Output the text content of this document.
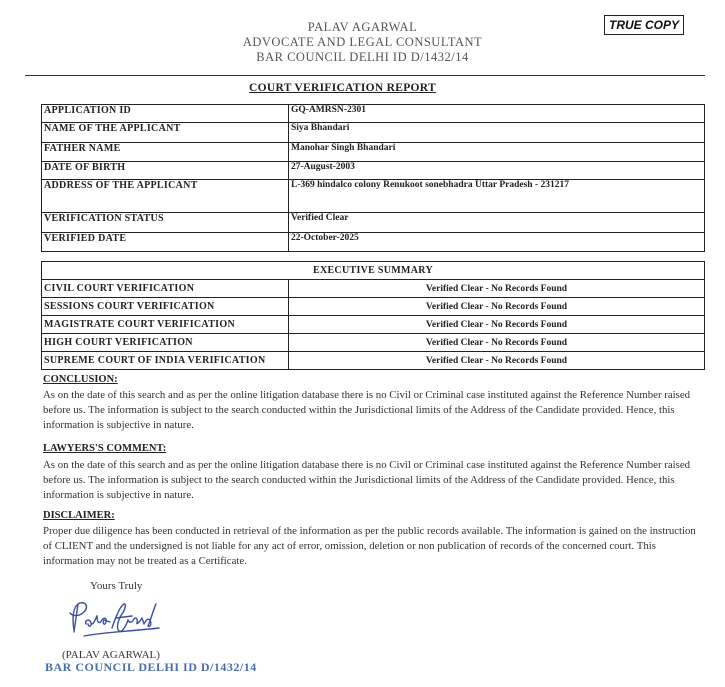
PALAV AGARWAL
ADVOCATE AND LEGAL CONSULTANT
BAR COUNCIL DELHI ID D/1432/14
TRUE COPY
COURT VERIFICATION REPORT
APPLICATION ID	GQ-AMRSN-2301
NAME OF THE APPLICANT	Siya Bhandari
FATHER NAME	Manohar Singh Bhandari
DATE OF BIRTH	27-August-2003
ADDRESS OF THE APPLICANT	L-369 hindalco colony Renukoot sonebhadra Uttar Pradesh - 231217
VERIFICATION STATUS	Verified Clear
VERIFIED DATE	22-October-2025
EXECUTIVE SUMMARY	
CIVIL COURT VERIFICATION	Verified Clear - No Records Found
SESSIONS COURT VERIFICATION	Verified Clear - No Records Found
MAGISTRATE COURT VERIFICATION	Verified Clear - No Records Found
HIGH COURT VERIFICATION	Verified Clear - No Records Found
SUPREME COURT OF INDIA VERIFICATION	Verified Clear - No Records Found
CONCLUSION:
As on the date of this search and as per the online litigation database there is no Civil or Criminal case instituted against the Reference Number raised before us. The information is subject to the search conducted within the Jurisdictional limits of the Address of the Candidate provided. Hence, this information is subjective in nature.
LAWYERS'S COMMENT:
As on the date of this search and as per the online litigation database there is no Civil or Criminal case instituted against the Reference Number raised before us. The information is subject to the search conducted within the Jurisdictional limits of the Address of the Candidate provided. Hence, this information is subjective in nature.
DISCLAIMER:
Proper due diligence has been conducted in retrieval of the information as per the public records available. The information is gained on the instruction of CLIENT and the undersigned is not liable for any act of error, omission, deletion or non publication of records of the concerned court. This information may not be treated as a Certificate.
Yours Truly
(PALAV AGARWAL)
BAR COUNCIL DELHI ID D/1432/14
